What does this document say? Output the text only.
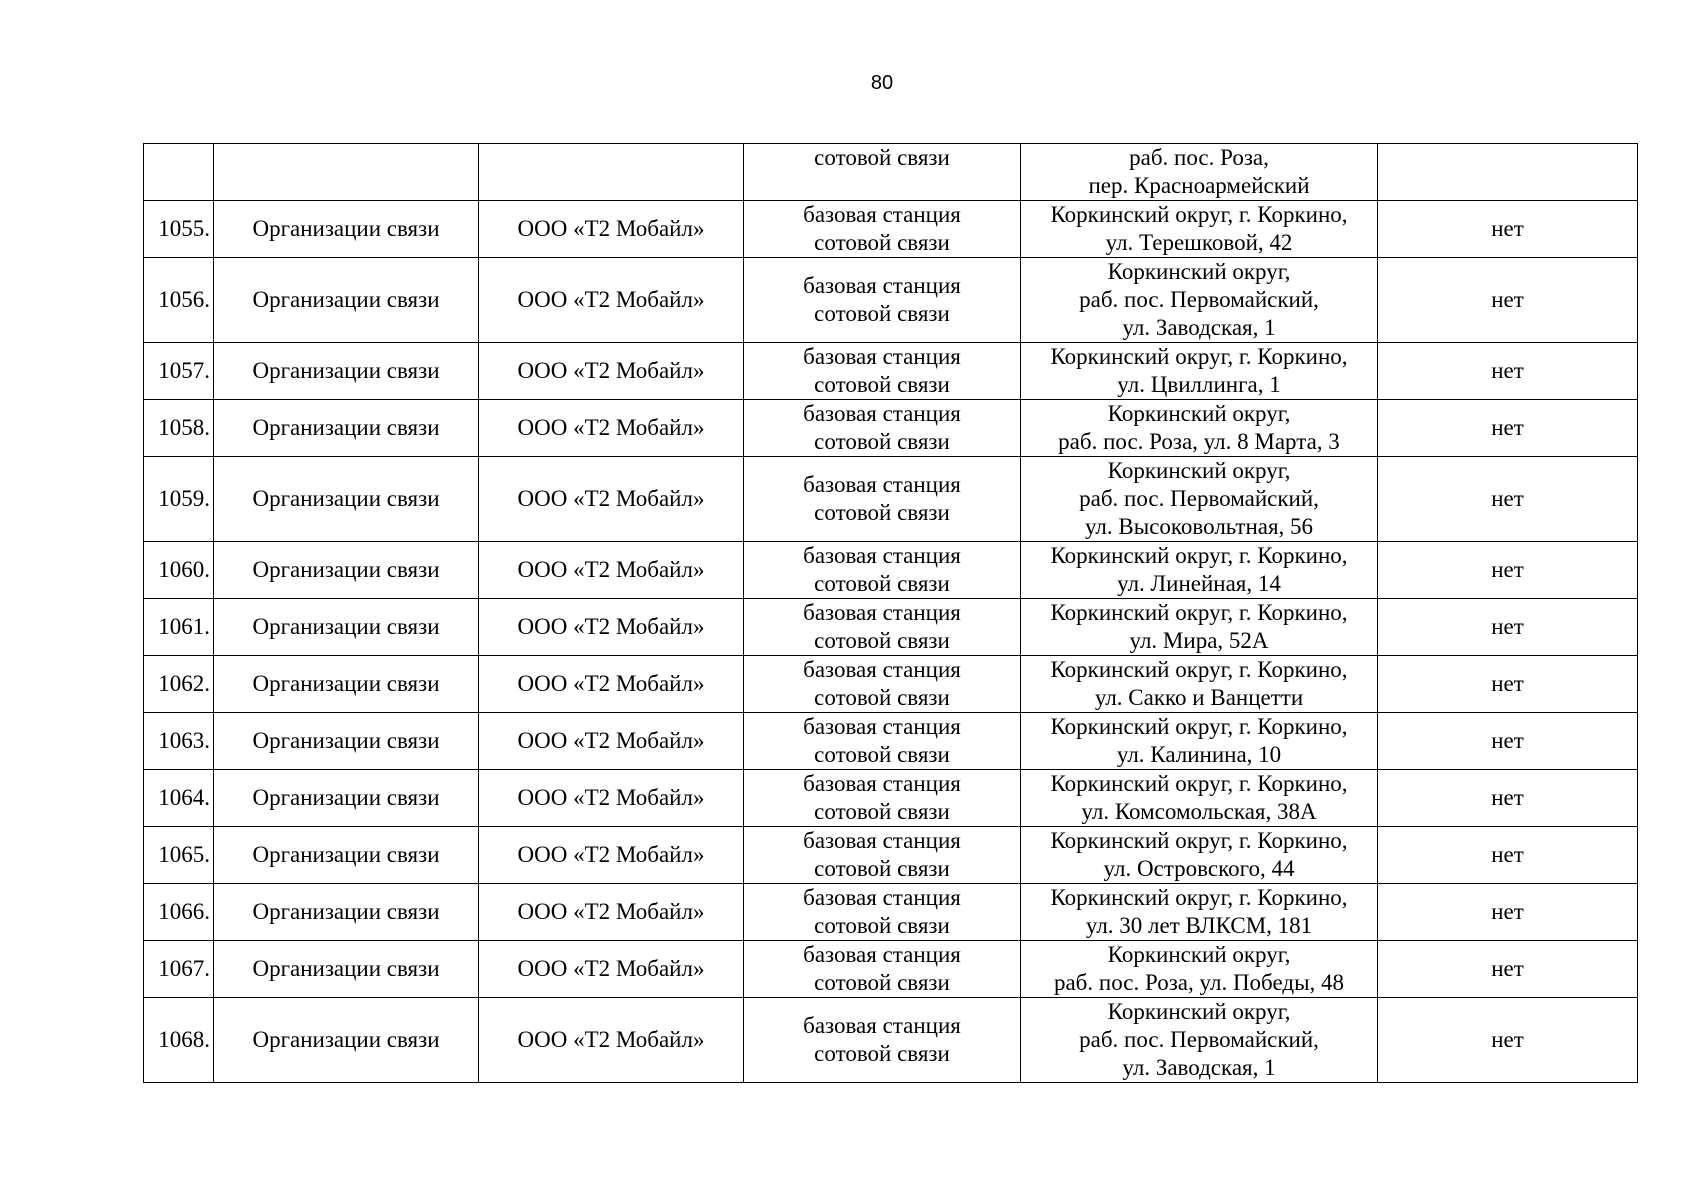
80

			сотовой связи	раб. пос. Роза,
пер. Красноармейский	

1055.	Организации связи	ООО «Т2 Мобайл»	базовая станция
сотовой связи	Коркинский округ, г. Коркино,
ул. Терешковой, 42	нет
1056.	Организации связи	ООО «Т2 Мобайл»	базовая станция
сотовой связи	Коркинский округ,
раб. пос. Первомайский,
ул. Заводская, 1	нет
1057.	Организации связи	ООО «Т2 Мобайл»	базовая станция
сотовой связи	Коркинский округ, г. Коркино,
ул. Цвиллинга, 1	нет
1058.	Организации связи	ООО «Т2 Мобайл»	базовая станция
сотовой связи	Коркинский округ,
раб. пос. Роза, ул. 8 Марта, 3	нет
1059.	Организации связи	ООО «Т2 Мобайл»	базовая станция
сотовой связи	Коркинский округ,
раб. пос. Первомайский,
ул. Высоковольтная, 56	нет
1060.	Организации связи	ООО «Т2 Мобайл»	базовая станция
сотовой связи	Коркинский округ, г. Коркино,
ул. Линейная, 14	нет
1061.	Организации связи	ООО «Т2 Мобайл»	базовая станция
сотовой связи	Коркинский округ, г. Коркино,
ул. Мира, 52А	нет
1062.	Организации связи	ООО «Т2 Мобайл»	базовая станция
сотовой связи	Коркинский округ, г. Коркино,
ул. Сакко и Ванцетти	нет
1063.	Организации связи	ООО «Т2 Мобайл»	базовая станция
сотовой связи	Коркинский округ, г. Коркино,
ул. Калинина, 10	нет
1064.	Организации связи	ООО «Т2 Мобайл»	базовая станция
сотовой связи	Коркинский округ, г. Коркино,
ул. Комсомольская, 38А	нет
1065.	Организации связи	ООО «Т2 Мобайл»	базовая станция
сотовой связи	Коркинский округ, г. Коркино,
ул. Островского, 44	нет
1066.	Организации связи	ООО «Т2 Мобайл»	базовая станция
сотовой связи	Коркинский округ, г. Коркино,
ул. 30 лет ВЛКСМ, 181	нет
1067.	Организации связи	ООО «Т2 Мобайл»	базовая станция
сотовой связи	Коркинский округ,
раб. пос. Роза, ул. Победы, 48	нет
1068.	Организации связи	ООО «Т2 Мобайл»	базовая станция
сотовой связи	Коркинский округ,
раб. пос. Первомайский,
ул. Заводская, 1	нет
